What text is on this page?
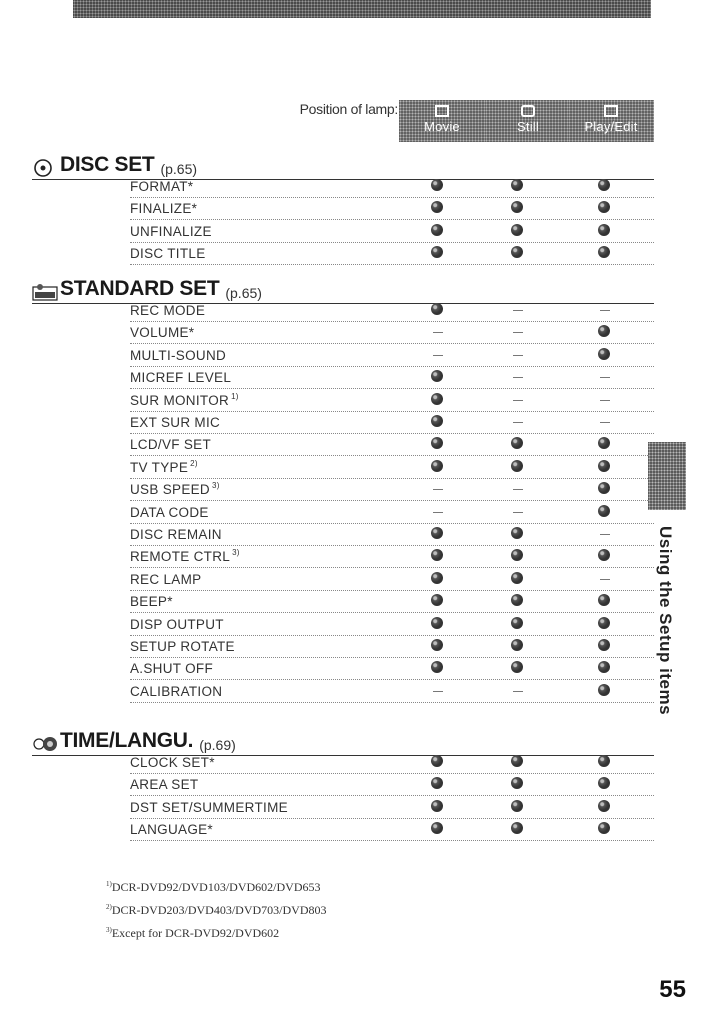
Position of lamp:
Movie	Still	Play/Edit
DISC SET (p.65)
FORMAT*
FINALIZE*
UNFINALIZE
DISC TITLE
STANDARD SET (p.65)
REC MODE
VOLUME*
MULTI-SOUND
MICREF LEVEL
SUR MONITOR $^{1)}$
EXT SUR MIC
LCD/VF SET
TV TYPE $^{2)}$
USB SPEED $^{3)}$
DATA CODE
DISC REMAIN
REMOTE CTRL $^{3)}$
REC LAMP
BEEP*
DISP OUTPUT
SETUP ROTATE
A.SHUT OFF
CALIBRATION
TIME/LANGU. (p.69)
CLOCK SET*
AREA SET
DST SET/SUMMERTIME
LANGUAGE*
$^{1)}$DCR-DVD92/DVD103/DVD602/DVD653
$^{2)}$DCR-DVD203/DVD403/DVD703/DVD803
$^{3)}$Except for DCR-DVD92/DVD602
Using the Setup items
55
